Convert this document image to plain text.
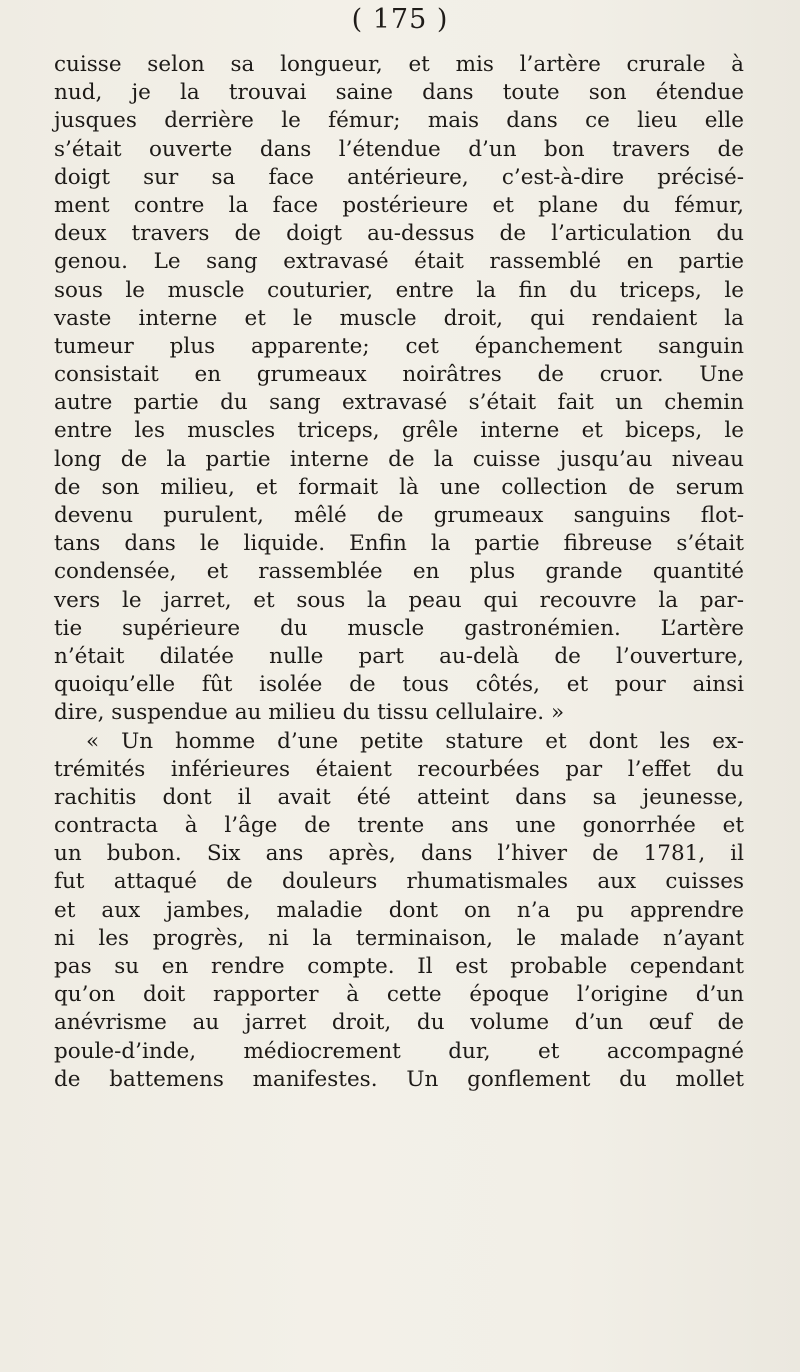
( 175 )
cuisse selon sa longueur, et mis l’artère crurale à
nud, je la trouvai saine dans toute son étendue
jusques derrière le fémur; mais dans ce lieu elle
s’était ouverte dans l’étendue d’un bon travers de
doigt sur sa face antérieure, c’est-à-dire précisé-
ment contre la face postérieure et plane du fémur,
deux travers de doigt au-dessus de l’articulation du
genou. Le sang extravasé était rassemblé en partie
sous le muscle couturier, entre la fin du triceps, le
vaste interne et le muscle droit, qui rendaient la
tumeur plus apparente; cet épanchement sanguin
consistait en grumeaux noirâtres de cruor. Une
autre partie du sang extravasé s’était fait un chemin
entre les muscles triceps, grêle interne et biceps, le
long de la partie interne de la cuisse jusqu’au niveau
de son milieu, et formait là une collection de serum
devenu purulent, mêlé de grumeaux sanguins flot-
tans dans le liquide. Enfin la partie fibreuse s’était
condensée, et rassemblée en plus grande quantité
vers le jarret, et sous la peau qui recouvre la par-
tie supérieure du muscle gastronémien. L’artère
n’était dilatée nulle part au-delà de l’ouverture,
quoiqu’elle fût isolée de tous côtés, et pour ainsi
dire, suspendue au milieu du tissu cellulaire. »
« Un homme d’une petite stature et dont les ex-
trémités inférieures étaient recourbées par l’effet du
rachitis dont il avait été atteint dans sa jeunesse,
contracta à l’âge de trente ans une gonorrhée et
un bubon. Six ans après, dans l’hiver de 1781, il
fut attaqué de douleurs rhumatismales aux cuisses
et aux jambes, maladie dont on n’a pu apprendre
ni les progrès, ni la terminaison, le malade n’ayant
pas su en rendre compte. Il est probable cependant
qu’on doit rapporter à cette époque l’origine d’un
anévrisme au jarret droit, du volume d’un œuf de
poule-d’inde, médiocrement dur, et accompagné
de battemens manifestes. Un gonflement du mollet
